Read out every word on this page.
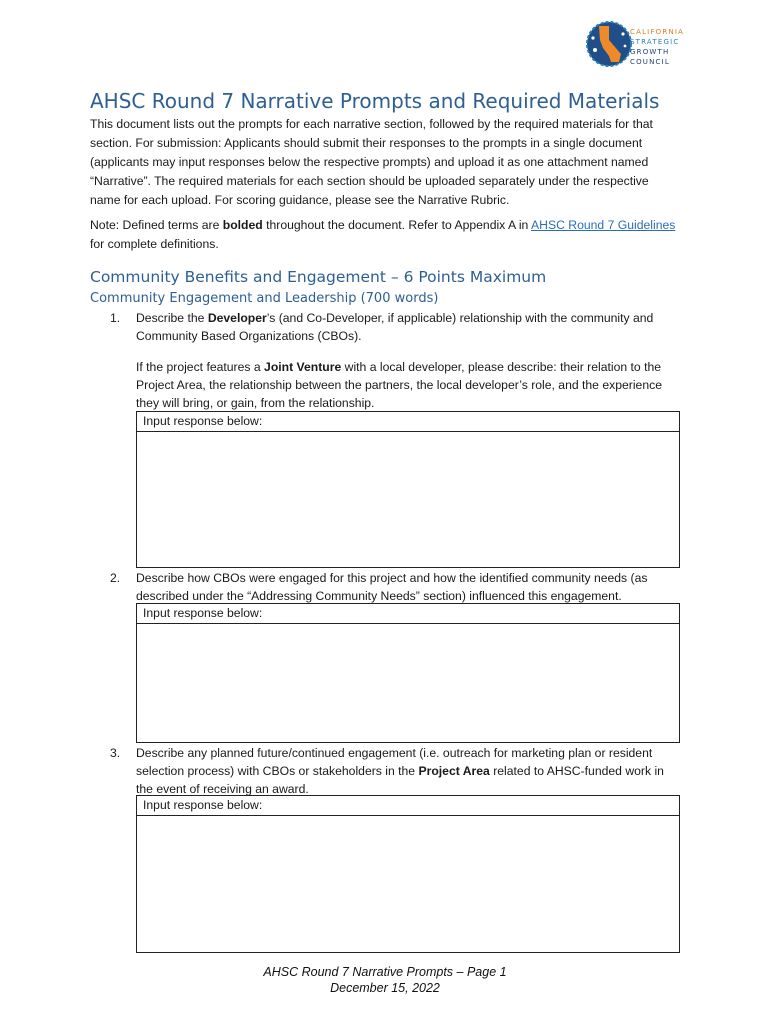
CALIFORNIA
STRATEGIC
GROWTH
COUNCIL
AHSC Round 7 Narrative Prompts and Required Materials

This document lists out the prompts for each narrative section, followed by the required materials for that section. For submission: Applicants should submit their responses to the prompts in a single document (applicants may input responses below the respective prompts) and upload it as one attachment named “Narrative”. The required materials for each section should be uploaded separately under the respective name for each upload. For scoring guidance, please see the Narrative Rubric.

Note: Defined terms are bolded throughout the document. Refer to Appendix A in AHSC Round 7 Guidelines for complete definitions.

Community Benefits and Engagement – 6 Points Maximum
Community Engagement and Leadership (700 words)
1. Describe the Developer’s (and Co-Developer, if applicable) relationship with the community and Community Based Organizations (CBOs).

If the project features a Joint Venture with a local developer, please describe: their relation to the Project Area, the relationship between the partners, the local developer’s role, and the experience they will bring, or gain, from the relationship.

Input response below:
2. Describe how CBOs were engaged for this project and how the identified community needs (as described under the “Addressing Community Needs” section) influenced this engagement.

Input response below:
3. Describe any planned future/continued engagement (i.e. outreach for marketing plan or resident selection process) with CBOs or stakeholders in the Project Area related to AHSC-funded work in the event of receiving an award.

Input response below:
AHSC Round 7 Narrative Prompts – Page 1
December 15, 2022
